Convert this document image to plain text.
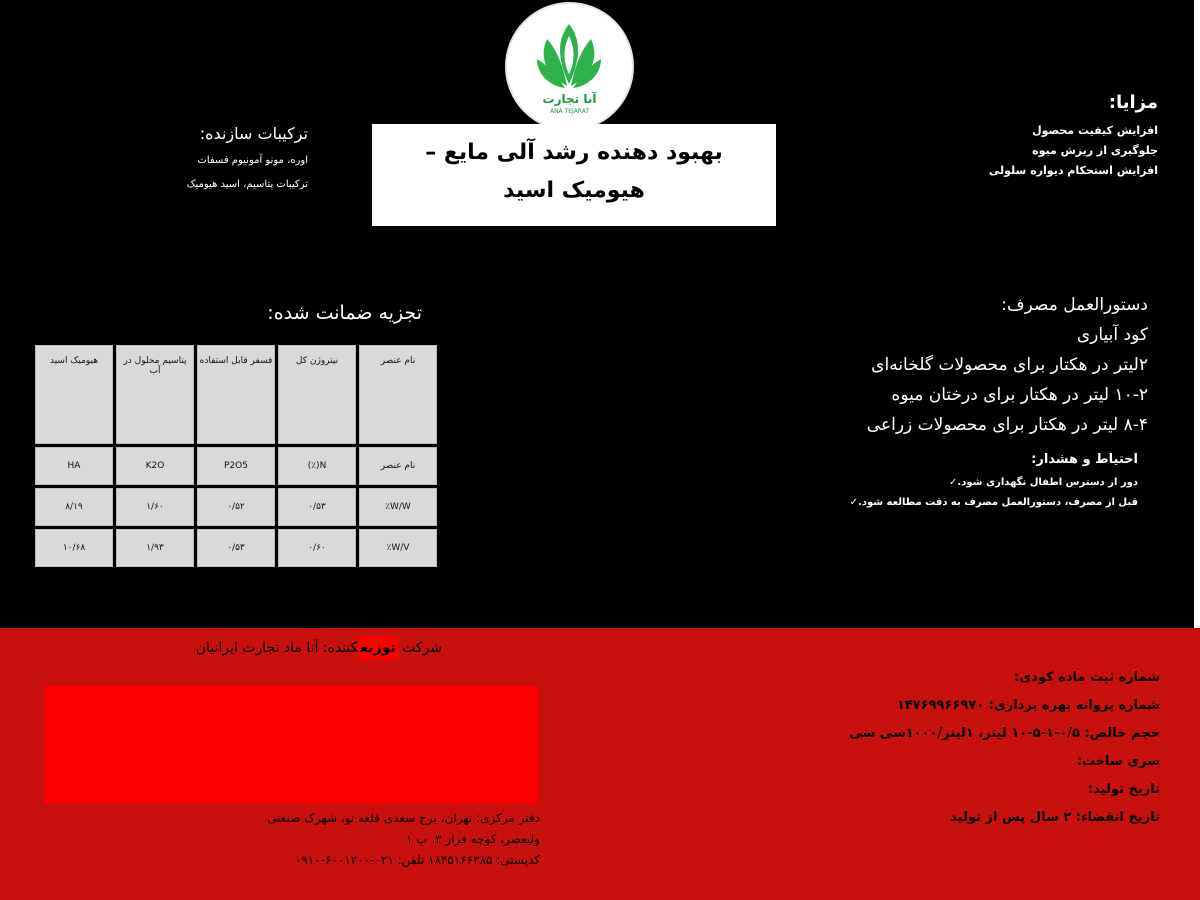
آنا تجارت
ANA TEJARAT
بهبود دهنده رشد آلی مایع –
هیومیک اسید
مزایا:
افزایش کیفیت محصول
جلوگیری از ریزش میوه
افزایش استحکام دیواره سلولی
ترکیبات سازنده:
اوره، مونو آمونیوم فسفات
ترکیبات پتاسیم، اسید هیومیک
دستورالعمل مصرف:
کود آبیاری
۲لیتر در هکتار برای محصولات گلخانه‌ای
۱۰-۲ لیتر در هکتار برای درختان میوه
۸-۴ لیتر در هکتار برای محصولات زراعی
احتیاط و هشدار:
دور از دسترس اطفال نگهداری شود.✓
قبل از مصرف، دستورالعمل مصرف به دقت مطالعه شود.✓
تجزیه ضمانت شده:
نام عنصر	نیتروژن کل	فسفر قابل استفاده	پتاسیم محلول در آب	هیومیک اسید
نام عنصر	N(٪)	P2O5	K2O	HA
W/W٪	۰/۵۳	۰/۵۲	۱/۶۰	۸/۱۹
W/V٪	۰/۶۰	۰/۵۳	۱/۹۳	۱۰/۶۸
شرکت توزیعکننده: آنا ماد تجارت ایرانیان
دفتر مرکزی: تهران، برج سعدی قلعه نو، شهرک صنعتی
ولیعصر، کوچه فراز ۳، پ ۱
کدپستی: ۱۸۴۵۱۶۶۳۸۵ تلفن: ۰۲۱-۶۰۰۱۲۰۰-۰۹۱۰
شماره ثبت ماده کودی:
شماره پروانه بهره برداری: ۱۴۷۶۹۹۶۶۹۷۰
حجم خالص: ۰/۵-۱-۵-۱۰ لیتر، ۱لیتر/۱۰۰۰سی سی
سری ساخت:
تاریخ تولید:
تاریخ انقضاء: ۲ سال پس از تولید
